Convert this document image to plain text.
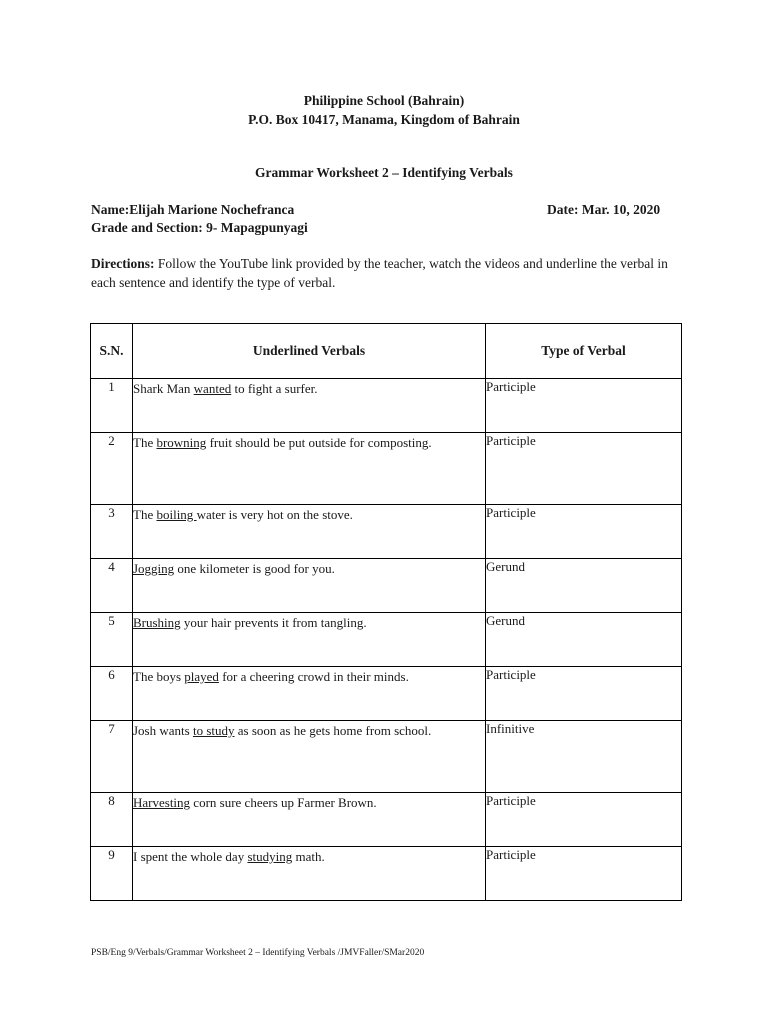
Philippine School (Bahrain)
P.O. Box 10417, Manama, Kingdom of Bahrain
Grammar Worksheet 2 – Identifying Verbals
Name:Elijah Marione Nochefranca	Date: Mar. 10, 2020
Grade and Section: 9- Mapagpunyagi
Directions: Follow the YouTube link provided by the teacher, watch the videos and underline the verbal in each sentence and identify the type of verbal.
S.N.	Underlined Verbals	Type of Verbal
1	Shark Man wanted to fight a surfer.	Participle
2	The browning fruit should be put outside for composting.	Participle
3	The boiling water is very hot on the stove.	Participle
4	Jogging one kilometer is good for you.	Gerund
5	Brushing your hair prevents it from tangling.	Gerund
6	The boys played for a cheering crowd in their minds.	Participle
7	Josh wants to study as soon as he gets home from school.	Infinitive
8	Harvesting corn sure cheers up Farmer Brown.	Participle
9	I spent the whole day studying math.	Participle
PSB/Eng 9/Verbals/Grammar Worksheet 2 – Identifying Verbals /JMVFaller/SMar2020
